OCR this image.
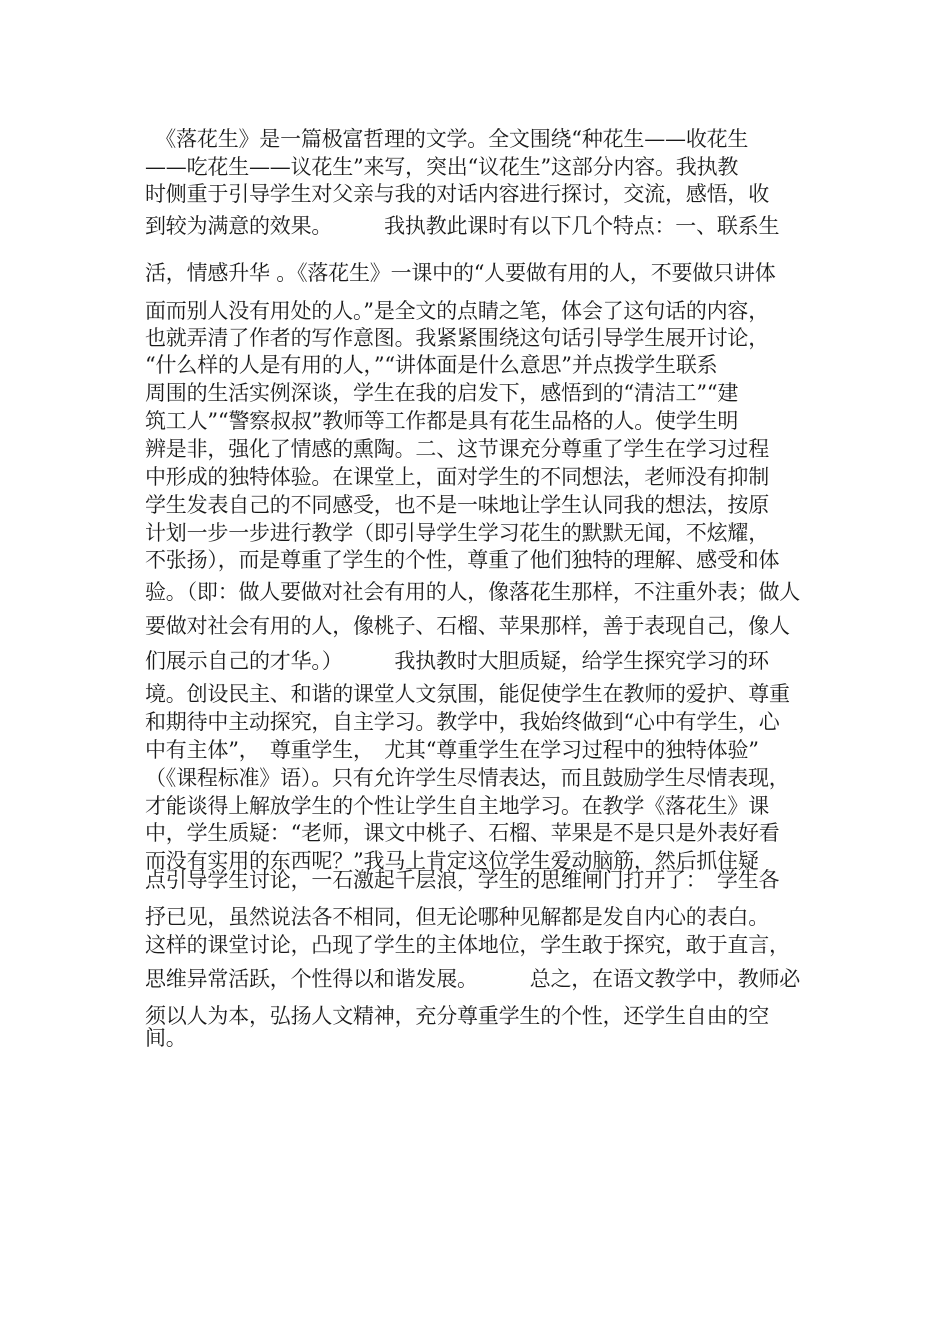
　《落花生》是一篇极富哲理的文学。全文围绕“种花生——收花生
——吃花生——议花生”来写，突出“议花生”这部分内容。我执教
时侧重于引导学生对父亲与我的对话内容进行探讨，交流，感悟，收
到较为满意的效果。　　　我执教此课时有以下几个特点：一、联系生
活，情感升华 。《落花生》一课中的“人要做有用的人，不要做只讲体
面而别人没有用处的人。”是全文的点睛之笔，体会了这句话的内容，
也就弄清了作者的写作意图。我紧紧围绕这句话引导学生展开讨论，
“什么样的人是有用的人，”“讲体面是什么意思”并点拨学生联系
周围的生活实例深谈，学生在我的启发下，感悟到的“清洁工”“建
筑工人”“警察叔叔”教师等工作都是具有花生品格的人。使学生明
辨是非，强化了情感的熏陶。二、这节课充分尊重了学生在学习过程
中形成的独特体验。在课堂上，面对学生的不同想法，老师没有抑制
学生发表自己的不同感受，也不是一味地让学生认同我的想法，按原
计划一步一步进行教学（即引导学生学习花生的默默无闻，不炫耀，
不张扬），而是尊重了学生的个性，尊重了他们独特的理解、感受和体
验。（即：做人要做对社会有用的人，像落花生那样，不注重外表；做人
要做对社会有用的人，像桃子、石榴、苹果那样，善于表现自己，像人
们展示自己的才华。）　　　我执教时大胆质疑，给学生探究学习的环
境。创设民主、和谐的课堂人文氛围，能促使学生在教师的爱护、尊重
和期待中主动探究，自主学习。教学中，我始终做到“心中有学生，心
中有主体”，　尊重学生，　尤其“尊重学生在学习过程中的独特体验”
（《课程标准》语）。只有允许学生尽情表达，而且鼓励学生尽情表现，
才能谈得上解放学生的个性让学生自主地学习。在教学《落花生》课
中，学生质疑：“老师，课文中桃子、石榴、苹果是不是只是外表好看
而没有实用的东西呢？”我马上肯定这位学生爱动脑筋，然后抓住疑
点引导学生讨论，一石激起千层浪，学生的思维闸门打开了：　学生各
抒已见，虽然说法各不相同，但无论哪种见解都是发自内心的表白。
这样的课堂讨论，凸现了学生的主体地位，学生敢于探究，敢于直言，
思维异常活跃，个性得以和谐发展。　　　总之，在语文教学中，教师必
须以人为本，弘扬人文精神，充分尊重学生的个性，还学生自由的空
间。
